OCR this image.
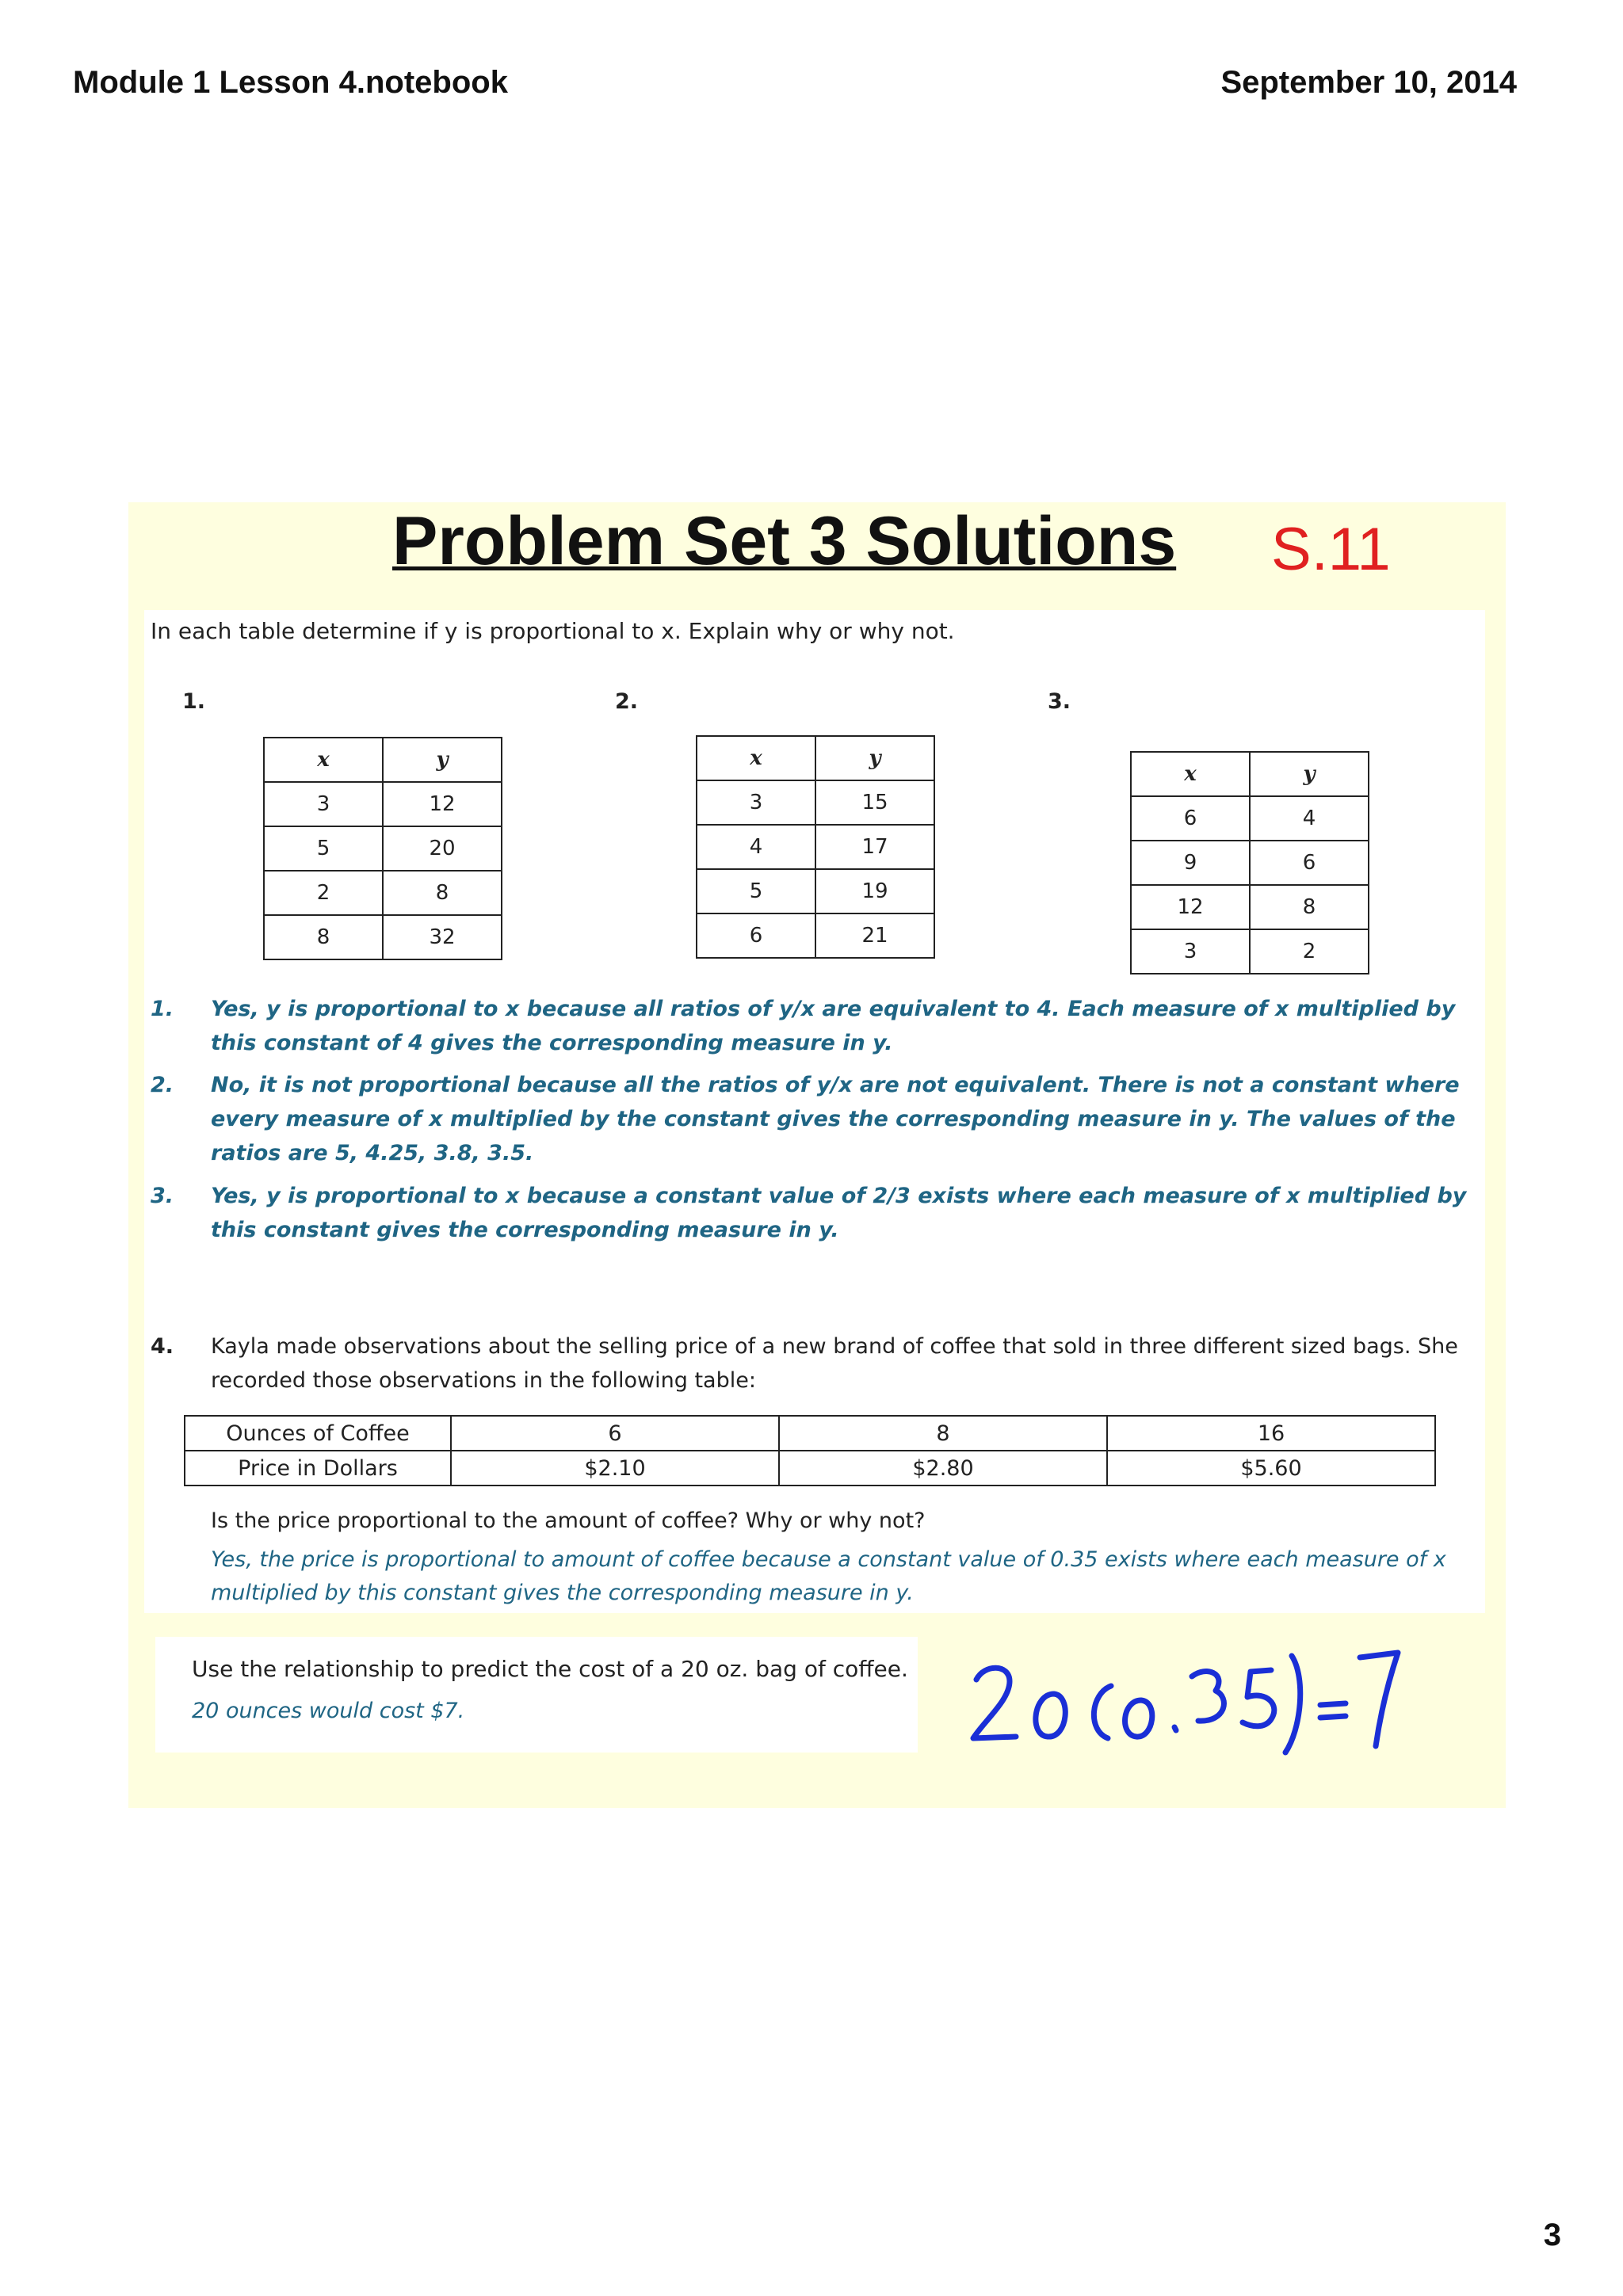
Module 1 Lesson 4.notebook	September 10, 2014
Problem Set 3 Solutions S.11
In each table determine if y is proportional to x. Explain why or why not.
1.	2.	3.
x	y
3	12
5	20
2	8
8	32
x	y
3	15
4	17
5	19
6	21
x	y
6	4
9	6
12	8
3	2
1. Yes, y is proportional to x because all ratios of y/x are equivalent to 4. Each measure of x multiplied by this constant of 4 gives the corresponding measure in y.
2. No, it is not proportional because all the ratios of y/x are not equivalent. There is not a constant where every measure of x multiplied by the constant gives the corresponding measure in y. The values of the ratios are 5, 4.25, 3.8, 3.5.
3. Yes, y is proportional to x because a constant value of 2/3 exists where each measure of x multiplied by this constant gives the corresponding measure in y.
4. Kayla made observations about the selling price of a new brand of coffee that sold in three different sized bags. She recorded those observations in the following table:
Ounces of Coffee	6	8	16
Price in Dollars	$2.10	$2.80	$5.60
Is the price proportional to the amount of coffee? Why or why not?
Yes, the price is proportional to amount of coffee because a constant value of 0.35 exists where each measure of x multiplied by this constant gives the corresponding measure in y.
Use the relationship to predict the cost of a 20 oz. bag of coffee.
20 ounces would cost $7.
3
